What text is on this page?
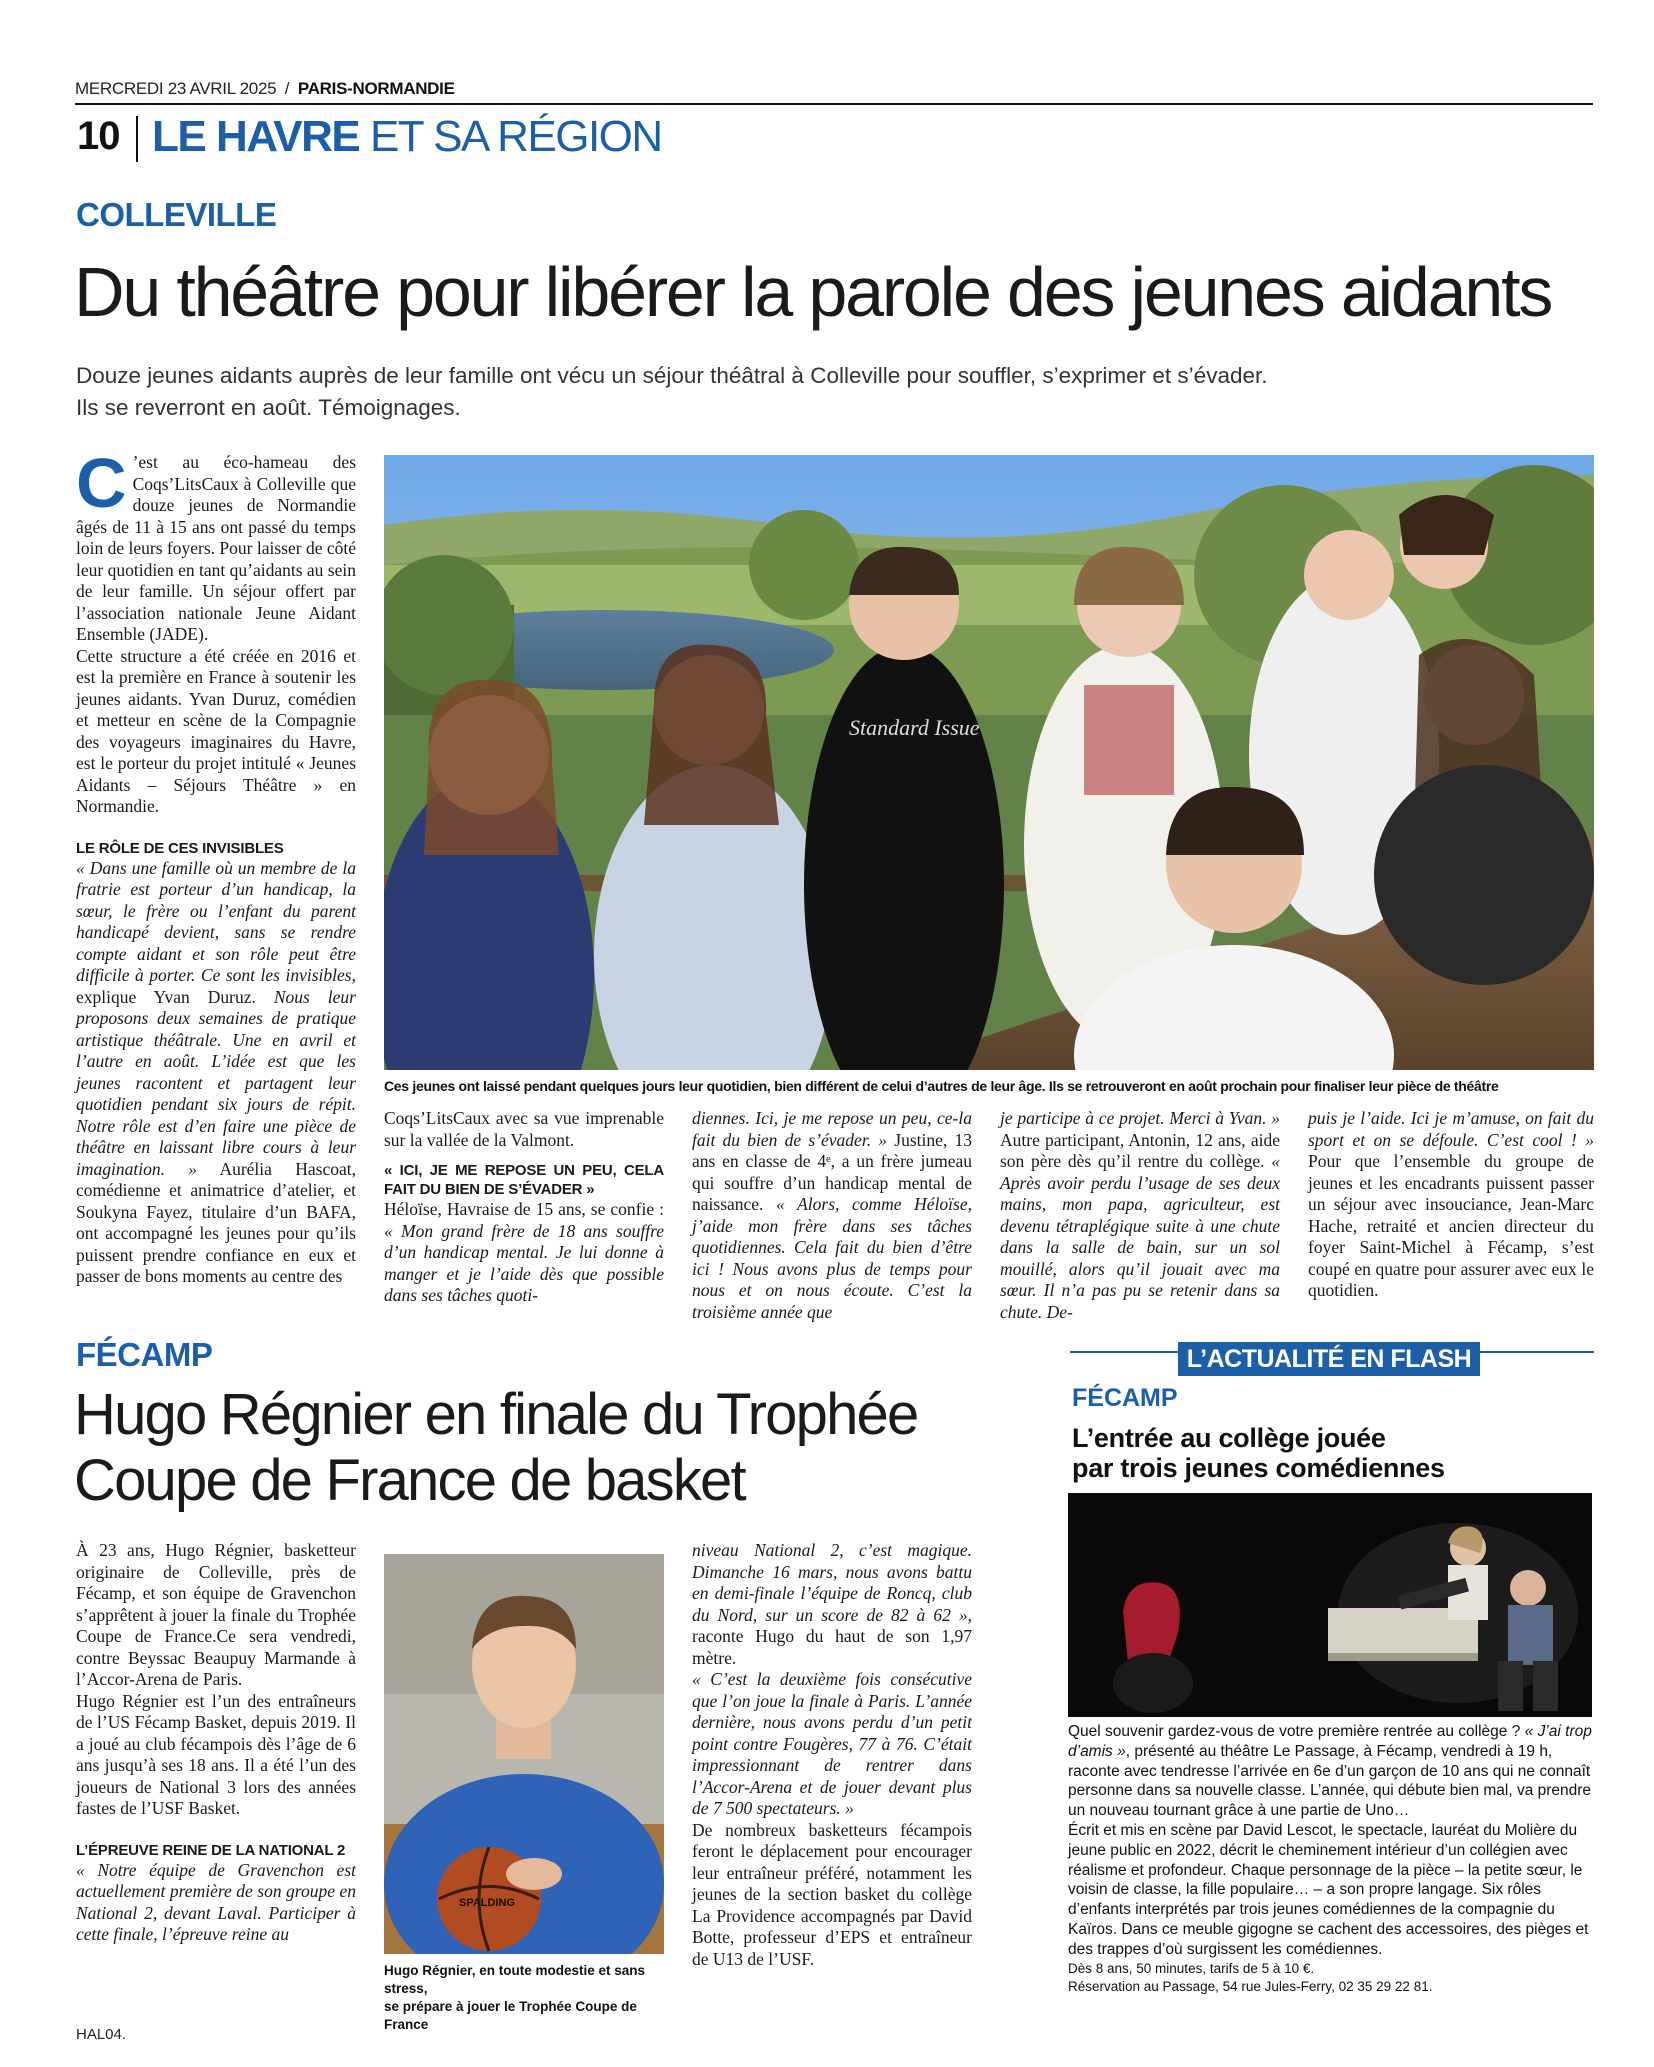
MERCREDI 23 AVRIL 2025 / PARIS-NORMANDIE
10 LE HAVRE ET SA RÉGION
COLLEVILLE
Du théâtre pour libérer la parole des jeunes aidants
Douze jeunes aidants auprès de leur famille ont vécu un séjour théâtral à Colleville pour souffler, s’exprimer et s’évader.
Ils se reverront en août. Témoignages.
Standard Issue
Ces jeunes ont laissé pendant quelques jours leur quotidien, bien différent de celui d’autres de leur âge. Ils se retrouveront en août prochain pour finaliser leur pièce de théâtre

C ’est au éco-hameau des Coqs’LitsCaux à Colleville que douze jeunes de Normandie âgés de 11 à 15 ans ont passé du temps loin de leurs foyers. Pour laisser de côté leur quotidien en tant qu’aidants au sein de leur famille. Un séjour offert par l’association nationale Jeune Aidant Ensemble (JADE).

Cette structure a été créée en 2016 et est la première en France à soutenir les jeunes aidants. Yvan Duruz, comédien et metteur en scène de la Compagnie des voyageurs imaginaires du Havre, est le porteur du projet intitulé « Jeunes Aidants – Séjours Théâtre » en Normandie.

LE RÔLE DE CES INVISIBLES

« Dans une famille où un membre de la fratrie est porteur d’un handicap, la sœur, le frère ou l’enfant du parent handicapé devient, sans se rendre compte aidant et son rôle peut être difficile à porter. Ce sont les invisibles, explique Yvan Duruz. Nous leur proposons deux semaines de pratique artistique théâtrale. Une en avril et l’autre en août. L’idée est que les jeunes racontent et partagent leur quotidien pendant six jours de répit. Notre rôle est d’en faire une pièce de théâtre en laissant libre cours à leur imagination. » Aurélia Hascoat, comédienne et animatrice d’atelier, et Soukyna Fayez, titulaire d’un BAFA, ont accompagné les jeunes pour qu’ils puissent prendre confiance en eux et passer de bons moments au centre des

Coqs’LitsCaux avec sa vue imprenable sur la vallée de la Valmont.

« ICI, JE ME REPOSE UN PEU, CELA FAIT DU BIEN DE S’ÉVADER »

Héloïse, Havraise de 15 ans, se confie : « Mon grand frère de 18 ans souffre d’un handicap mental. Je lui donne à manger et je l’aide dès que possible dans ses tâches quoti-

diennes. Ici, je me repose un peu, ce-la fait du bien de s’évader. » Justine, 13 ans en classe de 4ᵉ, a un frère jumeau qui souffre d’un handicap mental de naissance. « Alors, comme Héloïse, j’aide mon frère dans ses tâches quotidiennes. Cela fait du bien d’être ici ! Nous avons plus de temps pour nous et on nous écoute. C’est la troisième année que

je participe à ce projet. Merci à Yvan. » Autre participant, Antonin, 12 ans, aide son père dès qu’il rentre du collège. « Après avoir perdu l’usage de ses deux mains, mon papa, agriculteur, est devenu tétraplégique suite à une chute dans la salle de bain, sur un sol mouillé, alors qu’il jouait avec ma sœur. Il n’a pas pu se retenir dans sa chute. De-

puis je l’aide. Ici je m’amuse, on fait du sport et on se défoule. C’est cool ! » Pour que l’ensemble du groupe de jeunes et les encadrants puissent passer un séjour avec insouciance, Jean-Marc Hache, retraité et ancien directeur du foyer Saint-Michel à Fécamp, s’est coupé en quatre pour assurer avec eux le quotidien.

FÉCAMP
Hugo Régnier en finale du Trophée
Coupe de France de basket

À 23 ans, Hugo Régnier, basketteur originaire de Colleville, près de Fécamp, et son équipe de Gravenchon s’apprêtent à jouer la finale du Trophée Coupe de France.Ce sera vendredi, contre Beyssac Beaupuy Marmande à l’Accor-Arena de Paris.

Hugo Régnier est l’un des entraîneurs de l’US Fécamp Basket, depuis 2019. Il a joué au club fécampois dès l’âge de 6 ans jusqu’à ses 18 ans. Il a été l’un des joueurs de National 3 lors des années fastes de l’USF Basket.

L’ÉPREUVE REINE DE LA NATIONAL 2

« Notre équipe de Gravenchon est actuellement première de son groupe en National 2, devant Laval. Participer à cette finale, l’épreuve reine au

SPALDING
Hugo Régnier, en toute modestie et sans stress,
se prépare à jouer le Trophée Coupe de France

niveau National 2, c’est magique. Dimanche 16 mars, nous avons battu en demi-finale l’équipe de Roncq, club du Nord, sur un score de 82 à 62 », raconte Hugo du haut de son 1,97 mètre.

« C’est la deuxième fois consécutive que l’on joue la finale à Paris. L’année dernière, nous avons perdu d’un petit point contre Fougères, 77 à 76. C’était impressionnant de rentrer dans l’Accor-Arena et de jouer devant plus de 7 500 spectateurs. »

De nombreux basketteurs fécampois feront le déplacement pour encourager leur entraîneur préféré, notamment les jeunes de la section basket du collège La Providence accompagnés par David Botte, professeur d’EPS et entraîneur de U13 de l’USF.

L’ACTUALITÉ EN FLASH
FÉCAMP
L’entrée au collège jouée
par trois jeunes comédiennes

Quel souvenir gardez-vous de votre première rentrée au collège ? « J’ai trop d’amis », présenté au théâtre Le Passage, à Fécamp, vendredi à 19 h, raconte avec tendresse l’arrivée en 6e d’un garçon de 10 ans qui ne connaît personne dans sa nouvelle classe. L’année, qui débute bien mal, va prendre un nouveau tournant grâce à une partie de Uno…

Écrit et mis en scène par David Lescot, le spectacle, lauréat du Molière du jeune public en 2022, décrit le cheminement intérieur d’un collégien avec réalisme et profondeur. Chaque personnage de la pièce – la petite sœur, le voisin de classe, la fille populaire… – a son propre langage. Six rôles d’enfants interprétés par trois jeunes comédiennes de la compagnie du Kaïros. Dans ce meuble gigogne se cachent des accessoires, des pièges et des trappes d’où surgissent les comédiennes.

Dès 8 ans, 50 minutes, tarifs de 5 à 10 €.

Réservation au Passage, 54 rue Jules-Ferry, 02 35 29 22 81.

HAL04.
